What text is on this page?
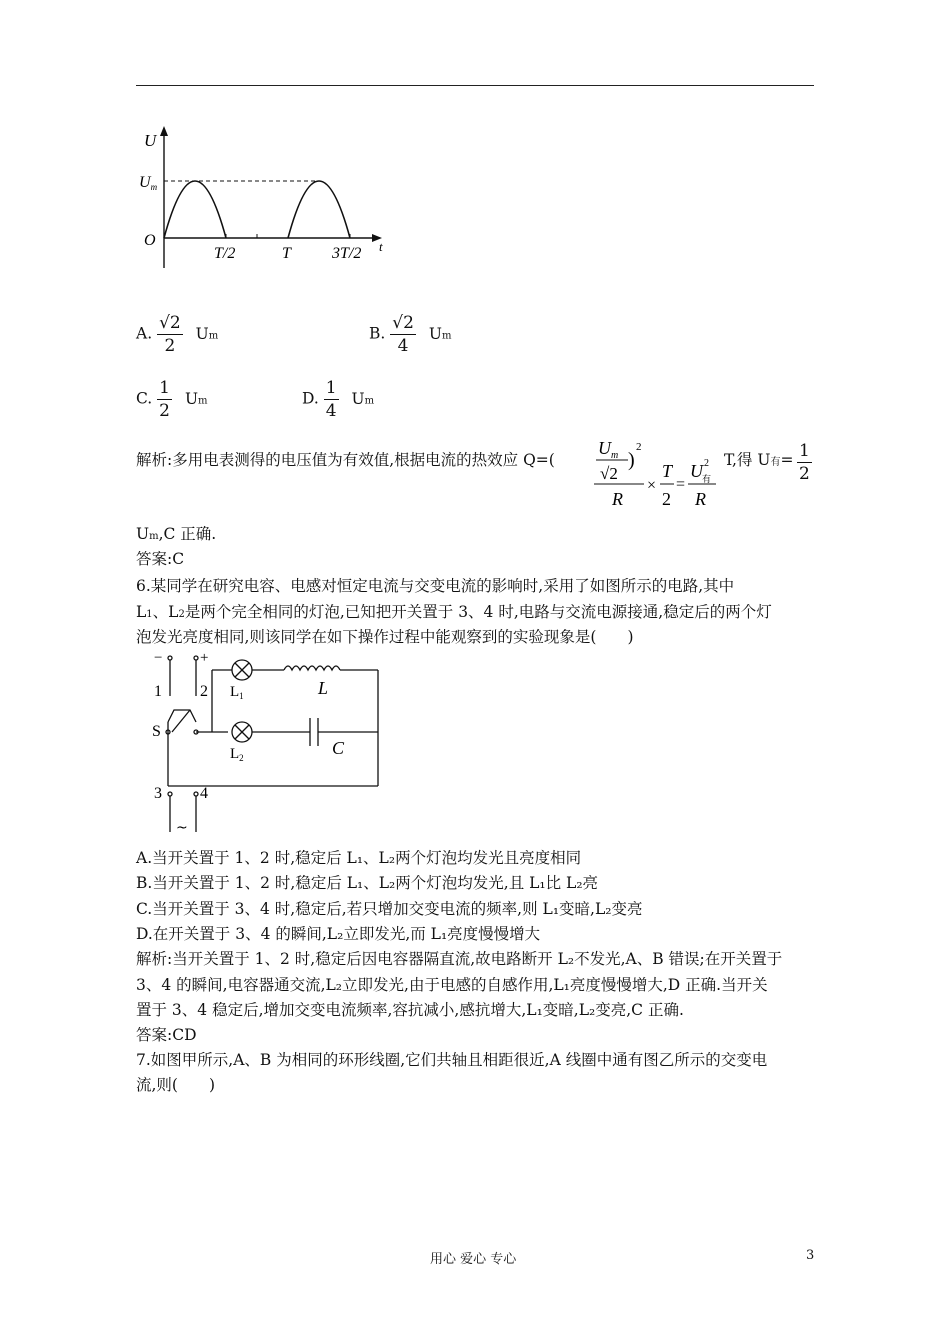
U
Um
O
T/2	T	3T/2 t
A. $\frac{√2}{2}$ Um	B. $\frac{√2}{4}$ Um
C. $\frac{1}{2}$ Um	D. $\frac{1}{4}$ Um
解析:多用电表测得的电压值为有效值,根据电流的热效应 Q=(
$U_m$
√2
)
2
R
×
T
2
=
U 2
有
R
T,得 U有= $\frac{1}{2}$
Um,C 正确.
答案:C
6.某同学在研究电容、电感对恒定电流与交变电流的影响时,采用了如图所示的电路,其中
L1、L2是两个完全相同的灯泡,已知把开关置于 3、4 时,电路与交流电源接通,稳定后的两个灯
泡发光亮度相同,则该同学在如下操作过程中能观察到的实验现象是(　　)
−	+
1 2
S
$L_1$	L
$L_2$	C
3 4
~
A.当开关置于 1、2 时,稳定后 L₁、L₂两个灯泡均发光且亮度相同
B.当开关置于 1、2 时,稳定后 L₁、L₂两个灯泡均发光,且 L₁比 L₂亮
C.当开关置于 3、4 时,稳定后,若只增加交变电流的频率,则 L₁变暗,L₂变亮
D.在开关置于 3、4 的瞬间,L₂立即发光,而 L₁亮度慢慢增大
解析:当开关置于 1、2 时,稳定后因电容器隔直流,故电路断开 L₂不发光,A、B 错误;在开关置于
3、4 的瞬间,电容器通交流,L₂立即发光,由于电感的自感作用,L₁亮度慢慢增大,D 正确.当开关
置于 3、4 稳定后,增加交变电流频率,容抗减小,感抗增大,L₁变暗,L₂变亮,C 正确.
答案:CD
7.如图甲所示,A、B 为相同的环形线圈,它们共轴且相距很近,A 线圈中通有图乙所示的交变电
流,则(　　)
用心 爱心 专心	3
